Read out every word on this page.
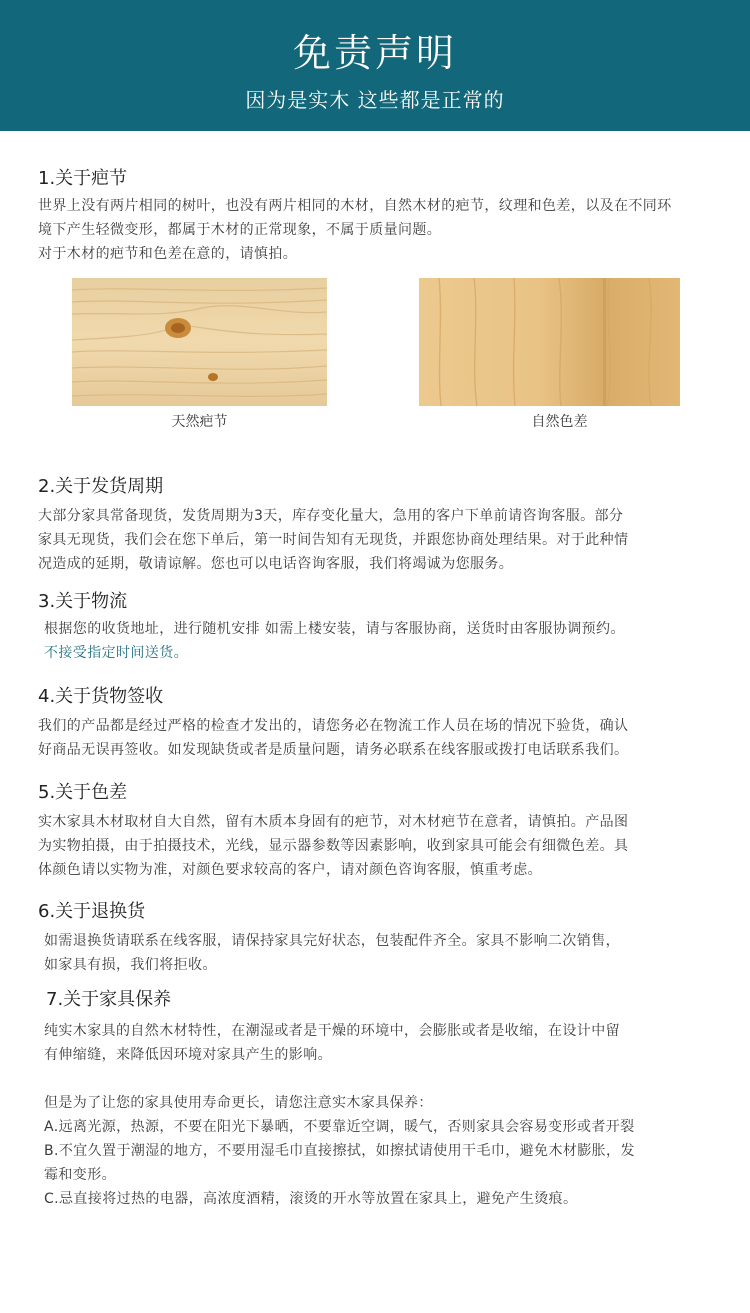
免责声明
因为是实木 这些都是正常的
1.关于疤节

世界上没有两片相同的树叶，也没有两片相同的木材，自然木材的疤节，纹理和色差，以及在不同环
境下产生轻微变形，都属于木材的正常现象，不属于质量问题。
对于木材的疤节和色差在意的，请慎拍。

天然疤节	自然色差
2.关于发货周期

大部分家具常备现货，发货周期为3天，库存变化量大，急用的客户下单前请咨询客服。部分
家具无现货，我们会在您下单后，第一时间告知有无现货，并跟您协商处理结果。对于此种情
况造成的延期，敬请谅解。您也可以电话咨询客服，我们将竭诚为您服务。

3.关于物流

根据您的收货地址，进行随机安排 如需上楼安装，请与客服协商，送货时由客服协调预约。
不接受指定时间送货。

4.关于货物签收

我们的产品都是经过严格的检查才发出的，请您务必在物流工作人员在场的情况下验货，确认
好商品无误再签收。如发现缺货或者是质量问题，请务必联系在线客服或拨打电话联系我们。

5.关于色差

实木家具木材取材自大自然，留有木质本身固有的疤节，对木材疤节在意者，请慎拍。产品图
为实物拍摄，由于拍摄技术，光线，显示器参数等因素影响，收到家具可能会有细微色差。具
体颜色请以实物为准，对颜色要求较高的客户，请对颜色咨询客服，慎重考虑。

6.关于退换货

如需退换货请联系在线客服，请保持家具完好状态，包装配件齐全。家具不影响二次销售，
如家具有损，我们将拒收。

7.关于家具保养

纯实木家具的自然木材特性，在潮湿或者是干燥的环境中，会膨胀或者是收缩，在设计中留
有伸缩缝，来降低因环境对家具产生的影响。

但是为了让您的家具使用寿命更长，请您注意实木家具保养：
A.远离光源，热源，不要在阳光下暴晒，不要靠近空调，暖气，否则家具会容易变形或者开裂
B.不宜久置于潮湿的地方，不要用湿毛巾直接擦拭，如擦拭请使用干毛巾，避免木材膨胀，发
霉和变形。
C.忌直接将过热的电器，高浓度酒精，滚烫的开水等放置在家具上，避免产生烫痕。
